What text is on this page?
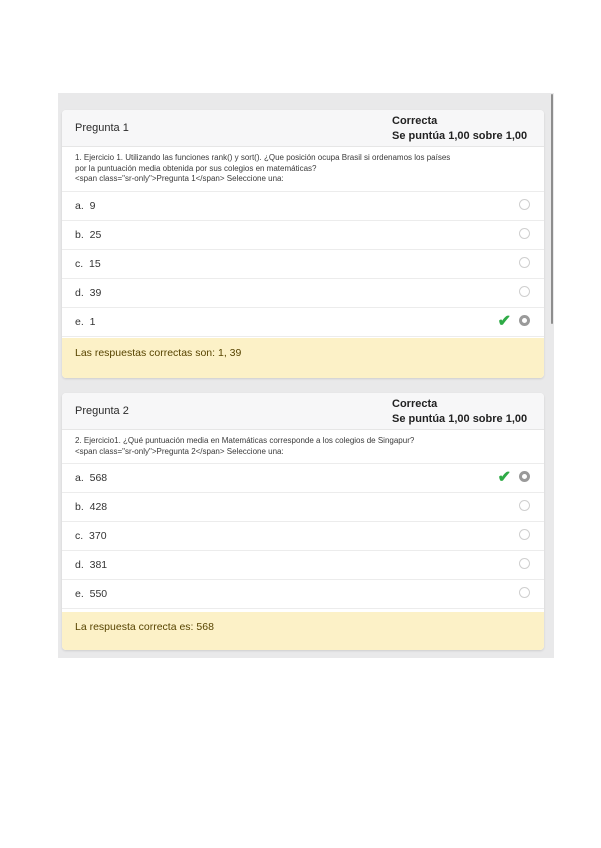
Pregunta 1
Correcta
Se puntúa 1,00 sobre 1,00
1. Ejercicio 1. Utilizando las funciones rank() y sort(). ¿Que posición ocupa Brasil si ordenamos los países
por la puntuación media obtenida por sus colegios en matemáticas?
<span class="sr-only">Pregunta 1</span> Seleccione una:
a. 9
b. 25
c. 15
d. 39
e. 1	✔
Las respuestas correctas son: 1, 39
Pregunta 2
Correcta
Se puntúa 1,00 sobre 1,00
2. Ejercicio1. ¿Qué puntuación media en Matemáticas corresponde a los colegios de Singapur?
<span class="sr-only">Pregunta 2</span> Seleccione una:
a. 568	✔
b. 428
c. 370
d. 381
e. 550
La respuesta correcta es: 568
